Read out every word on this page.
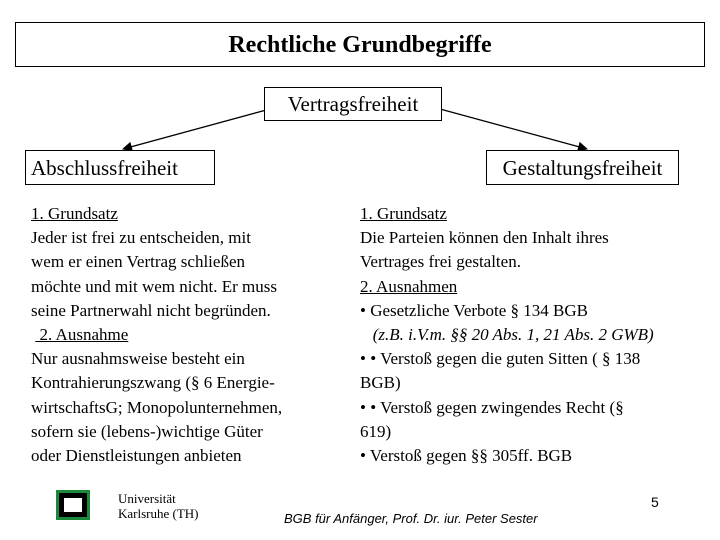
Rechtliche Grundbegriffe
Vertragsfreiheit
Abschlussfreiheit	Gestaltungsfreiheit
1. Grundsatz
Jeder ist frei zu entscheiden, mit
wem er einen Vertrag schließen
möchte und mit wem nicht. Er muss
seine Partnerwahl nicht begründen.
2. Ausnahme
Nur ausnahmsweise besteht ein
Kontrahierungszwang (§ 6 Energie-
wirtschaftsG; Monopolunternehmen,
sofern sie (lebens-)wichtige Güter
oder Dienstleistungen anbieten
1. Grundsatz
Die Parteien können den Inhalt ihres
Vertrages frei gestalten.
2. Ausnahmen
• Gesetzliche Verbote § 134 BGB
(z.B. i.V.m. §§ 20 Abs. 1, 21 Abs. 2 GWB)
• • Verstoß gegen die guten Sitten ( § 138
BGB)
• • Verstoß gegen zwingendes Recht (§
619)
• Verstoß gegen §§ 305ff. BGB
Universität
Karlsruhe (TH)	BGB für Anfänger, Prof. Dr. iur. Peter Sester
5
